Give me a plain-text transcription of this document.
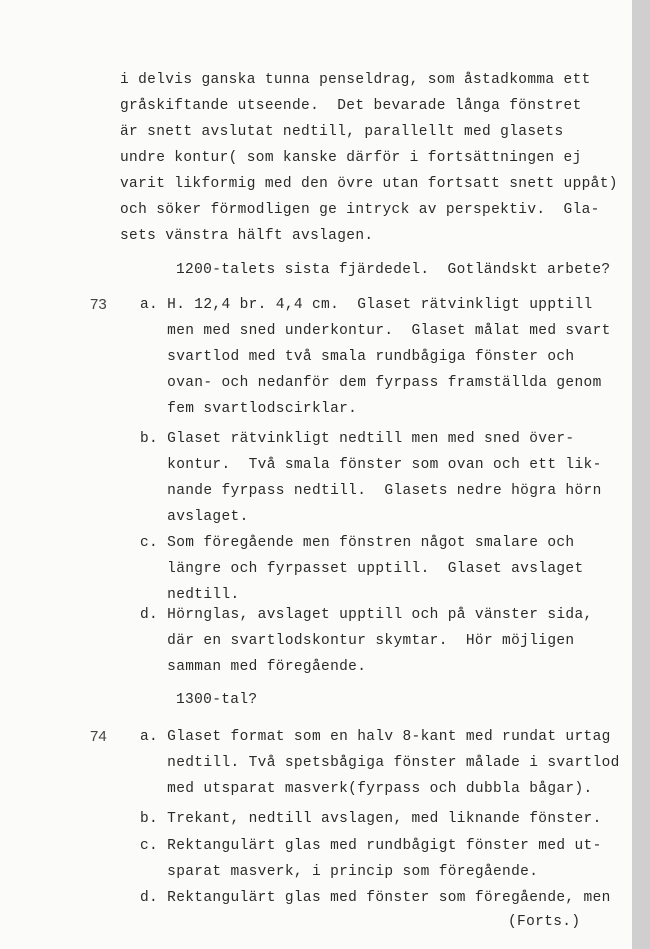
i delvis ganska tunna penseldrag, som åstadkomma ett
gråskiftande utseende.  Det bevarade långa fönstret
är snett avslutat nedtill, parallellt med glasets
undre kontur( som kanske därför i fortsättningen ej
varit likformig med den övre utan fortsatt snett uppåt)
och söker förmodligen ge intryck av perspektiv.  Gla-
sets vänstra hälft avslagen.
1200-talets sista fjärdedel.  Gotländskt arbete?
73 a. H. 12,4 br. 4,4 cm.  Glaset rätvinkligt upptill
men med sned underkontur.  Glaset målat med svart
svartlod med två smala rundbågiga fönster och
ovan- och nedanför dem fyrpass framställda genom
fem svartlodscirklar.
b. Glaset rätvinkligt nedtill men med sned över-
kontur.  Två smala fönster som ovan och ett lik-
nande fyrpass nedtill.  Glasets nedre högra hörn
avslaget.
c. Som föregående men fönstren något smalare och
längre och fyrpasset upptill.  Glaset avslaget
nedtill.
d. Hörnglas, avslaget upptill och på vänster sida,
där en svartlodskontur skymtar.  Hör möjligen
samman med föregående.
1300-tal?
74 a. Glaset format som en halv 8-kant med rundat urtag
nedtill. Två spetsbågiga fönster målade i svartlod
med utsparat masverk(fyrpass och dubbla bågar).
b. Trekant, nedtill avslagen, med liknande fönster.
c. Rektangulärt glas med rundbågigt fönster med ut-
sparat masverk, i princip som föregående.
d. Rektangulärt glas med fönster som föregående, men
(Forts.)
